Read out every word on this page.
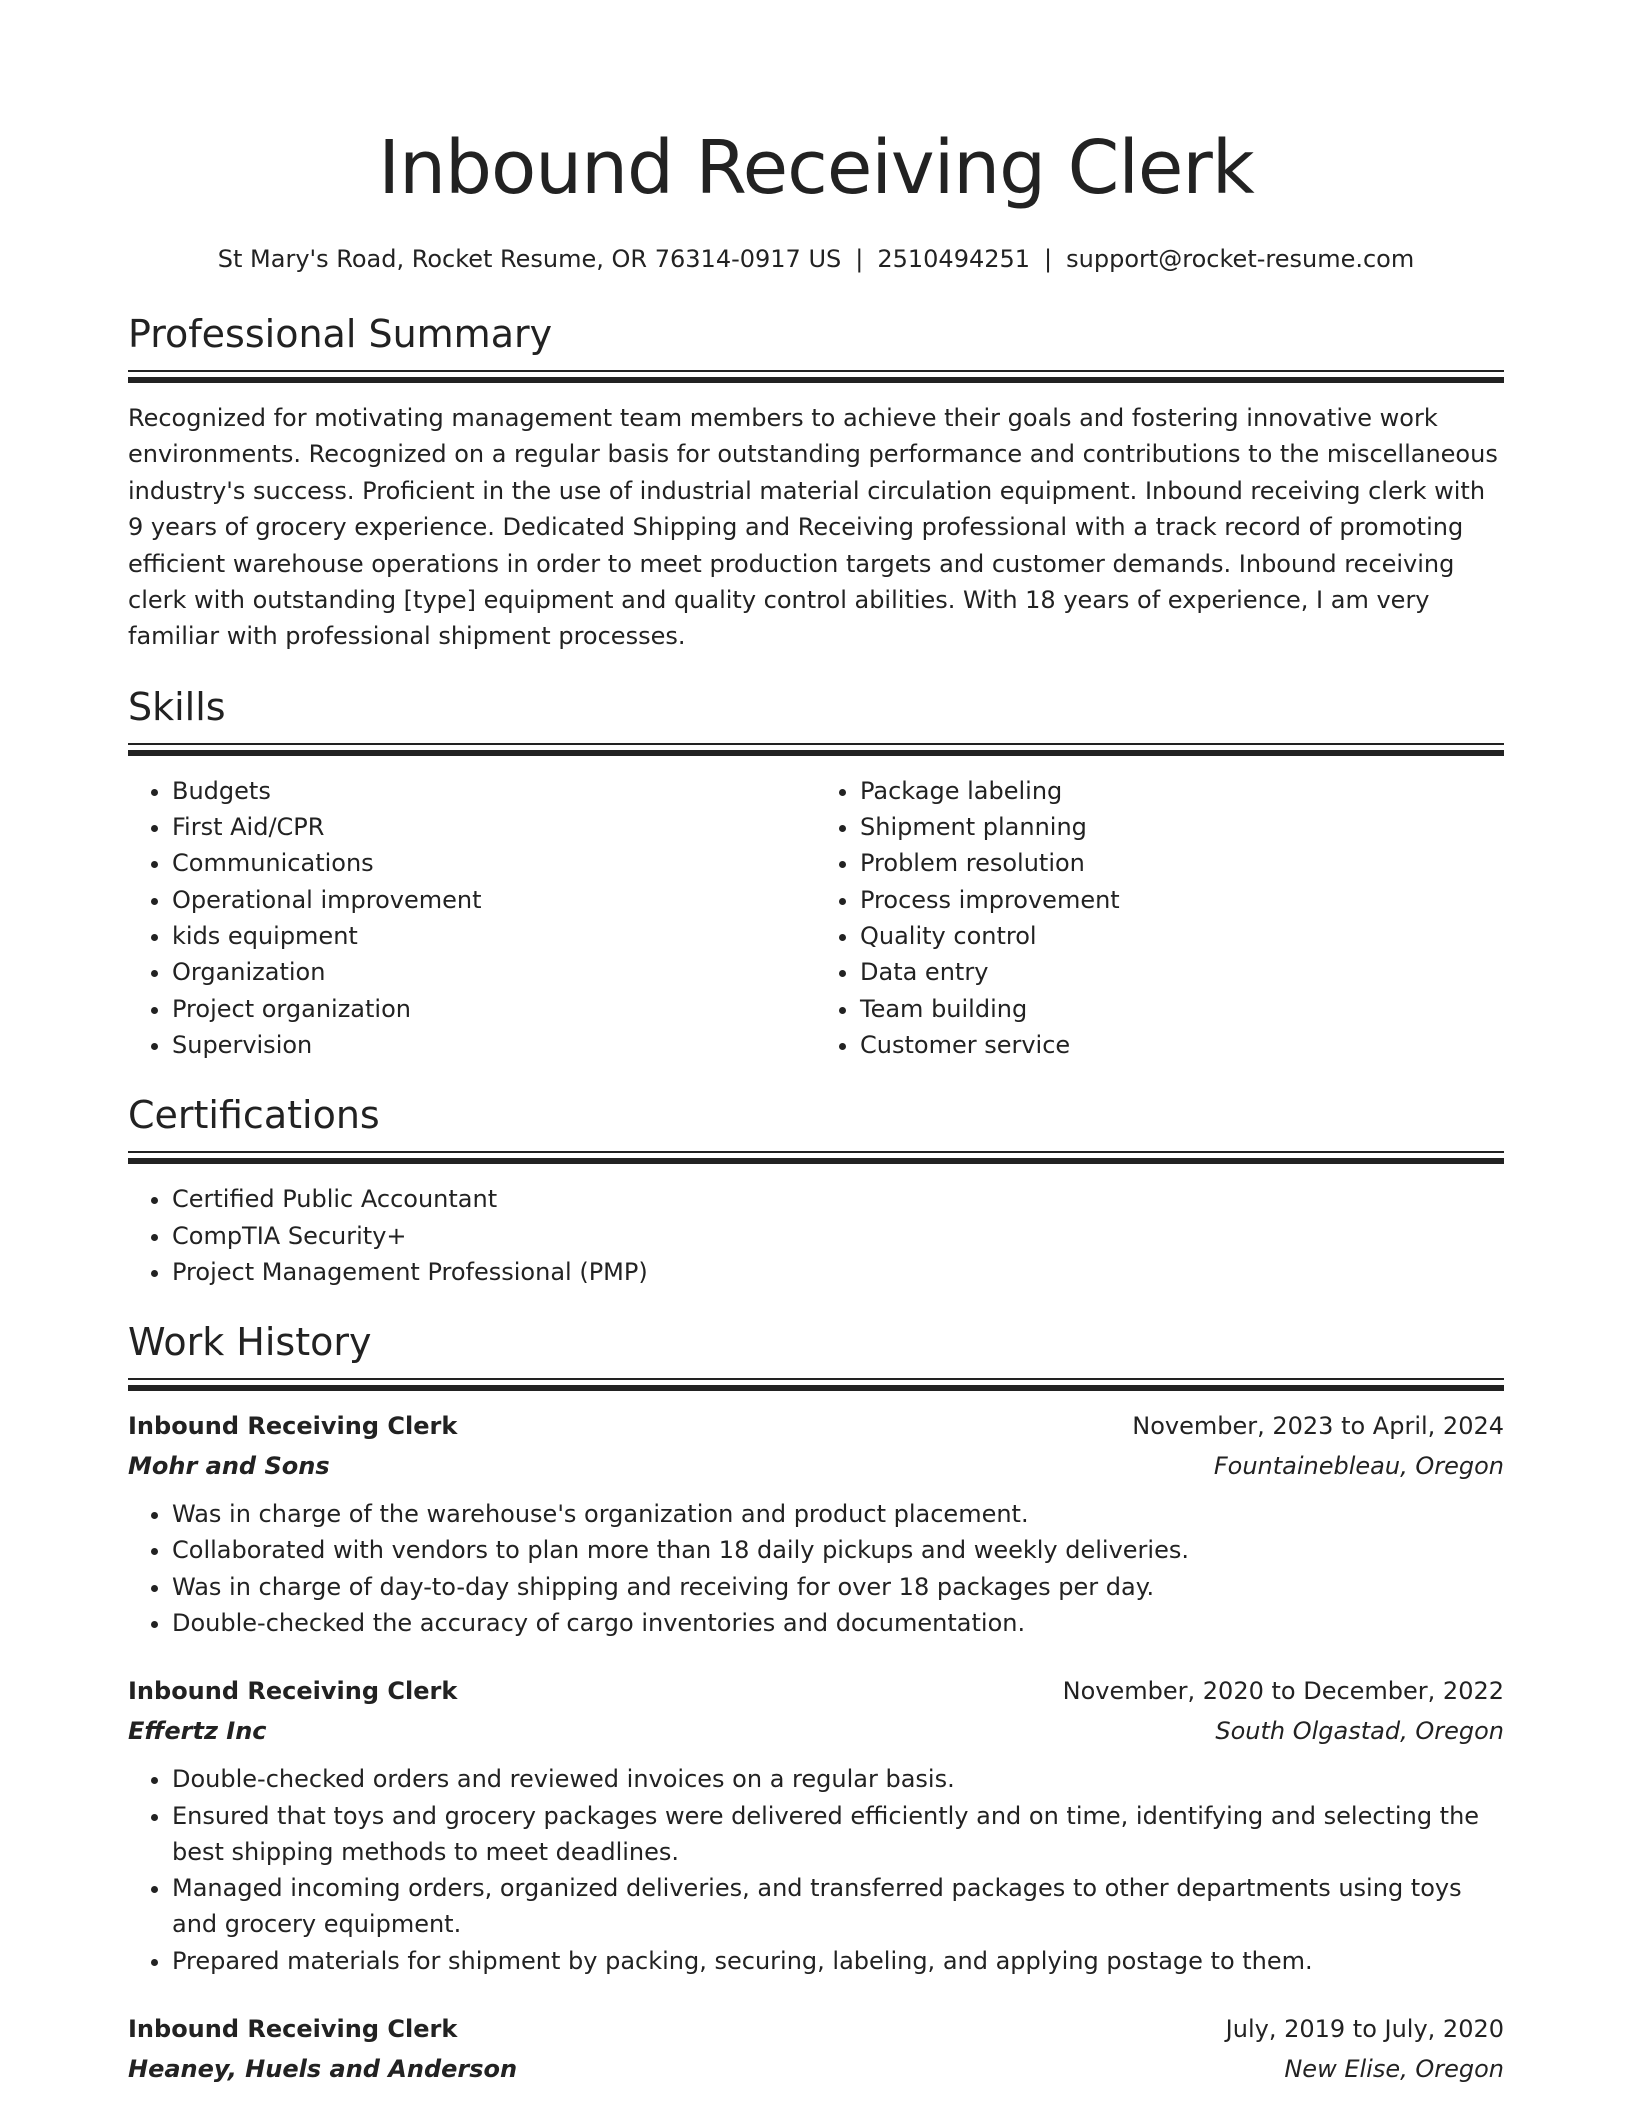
Inbound Receiving Clerk
St Mary's Road, Rocket Resume, OR 76314-0917 US | 2510494251 | support@rocket-resume.com
Professional Summary

Recognized for motivating management team members to achieve their goals and fostering innovative work environments. Recognized on a regular basis for outstanding performance and contributions to the miscellaneous industry's success. Proficient in the use of industrial material circulation equipment. Inbound receiving clerk with 9 years of grocery experience. Dedicated Shipping and Receiving professional with a track record of promoting efficient warehouse operations in order to meet production targets and customer demands. Inbound receiving clerk with outstanding [type] equipment and quality control abilities. With 18 years of experience, I am very familiar with professional shipment processes.

Skills
• Budgets
• First Aid/CPR
• Communications
• Operational improvement
• kids equipment
• Organization
• Project organization
• Supervision
• Package labeling
• Shipment planning
• Problem resolution
• Process improvement
• Quality control
• Data entry
• Team building
• Customer service
Certifications
• Certified Public Accountant
• CompTIA Security+
• Project Management Professional (PMP)
Work History
Inbound Receiving Clerk	November, 2023 to April, 2024
Mohr and Sons	Fountainebleau, Oregon
• Was in charge of the warehouse's organization and product placement.
• Collaborated with vendors to plan more than 18 daily pickups and weekly deliveries.
• Was in charge of day-to-day shipping and receiving for over 18 packages per day.
• Double-checked the accuracy of cargo inventories and documentation.
Inbound Receiving Clerk	November, 2020 to December, 2022
Effertz Inc	South Olgastad, Oregon
• Double-checked orders and reviewed invoices on a regular basis.
• Ensured that toys and grocery packages were delivered efficiently and on time, identifying and selecting the best shipping methods to meet deadlines.
• Managed incoming orders, organized deliveries, and transferred packages to other departments using toys and grocery equipment.
• Prepared materials for shipment by packing, securing, labeling, and applying postage to them.
Inbound Receiving Clerk	July, 2019 to July, 2020
Heaney, Huels and Anderson	New Elise, Oregon
